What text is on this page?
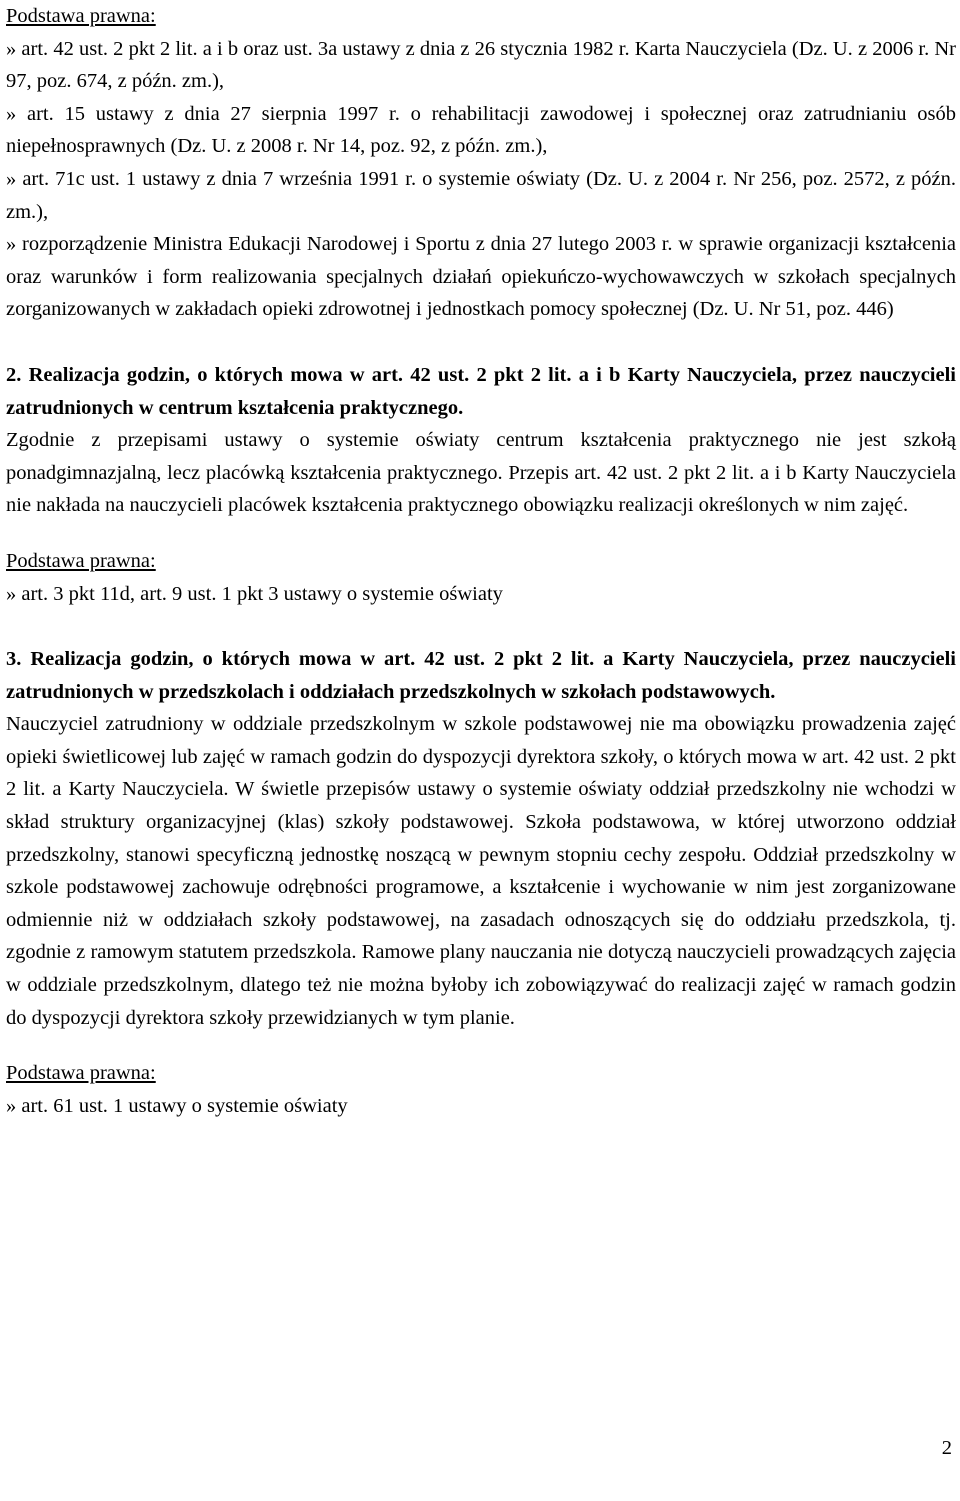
Podstawa prawna:

» art. 42 ust. 2 pkt 2 lit. a i b oraz ust. 3a ustawy z dnia z 26 stycznia 1982 r. Karta Nauczyciela (Dz. U. z 2006 r. Nr 97, poz. 674, z późn. zm.),

» art. 15 ustawy z dnia 27 sierpnia 1997 r. o rehabilitacji zawodowej i społecznej oraz zatrudnianiu osób niepełnosprawnych (Dz. U. z 2008 r. Nr 14, poz. 92, z późn. zm.),

» art. 71c ust. 1 ustawy z dnia 7 września 1991 r. o systemie oświaty (Dz. U. z 2004 r. Nr 256, poz. 2572, z późn. zm.),

» rozporządzenie Ministra Edukacji Narodowej i Sportu z dnia 27 lutego 2003 r. w sprawie organizacji kształcenia oraz warunków i form realizowania specjalnych działań opiekuńczo-wychowawczych w szkołach specjalnych zorganizowanych w zakładach opieki zdrowotnej i jednostkach pomocy społecznej (Dz. U. Nr 51, poz. 446)

2. Realizacja godzin, o których mowa w art. 42 ust. 2 pkt 2 lit. a i b Karty Nauczyciela, przez nauczycieli zatrudnionych w centrum kształcenia praktycznego.

Zgodnie z przepisami ustawy o systemie oświaty centrum kształcenia praktycznego nie jest szkołą ponadgimnazjalną, lecz placówką kształcenia praktycznego. Przepis art. 42 ust. 2 pkt 2 lit. a i b Karty Nauczyciela nie nakłada na nauczycieli placówek kształcenia praktycznego obowiązku realizacji określonych w nim zajęć.

Podstawa prawna:

» art. 3 pkt 11d, art. 9 ust. 1 pkt 3 ustawy o systemie oświaty

3. Realizacja godzin, o których mowa w art. 42 ust. 2 pkt 2 lit. a Karty Nauczyciela, przez nauczycieli zatrudnionych w przedszkolach i oddziałach przedszkolnych w szkołach podstawowych.

Nauczyciel zatrudniony w oddziale przedszkolnym w szkole podstawowej nie ma obowiązku prowadzenia zajęć opieki świetlicowej lub zajęć w ramach godzin do dyspozycji dyrektora szkoły, o których mowa w art. 42 ust. 2 pkt 2 lit. a Karty Nauczyciela. W świetle przepisów ustawy o systemie oświaty oddział przedszkolny nie wchodzi w skład struktury organizacyjnej (klas) szkoły podstawowej. Szkoła podstawowa, w której utworzono oddział przedszkolny, stanowi specyficzną jednostkę noszącą w pewnym stopniu cechy zespołu. Oddział przedszkolny w szkole podstawowej zachowuje odrębności programowe, a kształcenie i wychowanie w nim jest zorganizowane odmiennie niż w oddziałach szkoły podstawowej, na zasadach odnoszących się do oddziału przedszkola, tj. zgodnie z ramowym statutem przedszkola. Ramowe plany nauczania nie dotyczą nauczycieli prowadzących zajęcia w oddziale przedszkolnym, dlatego też nie można byłoby ich zobowiązywać do realizacji zajęć w ramach godzin do dyspozycji dyrektora szkoły przewidzianych w tym planie.

Podstawa prawna:

» art. 61 ust. 1 ustawy o systemie oświaty

2
